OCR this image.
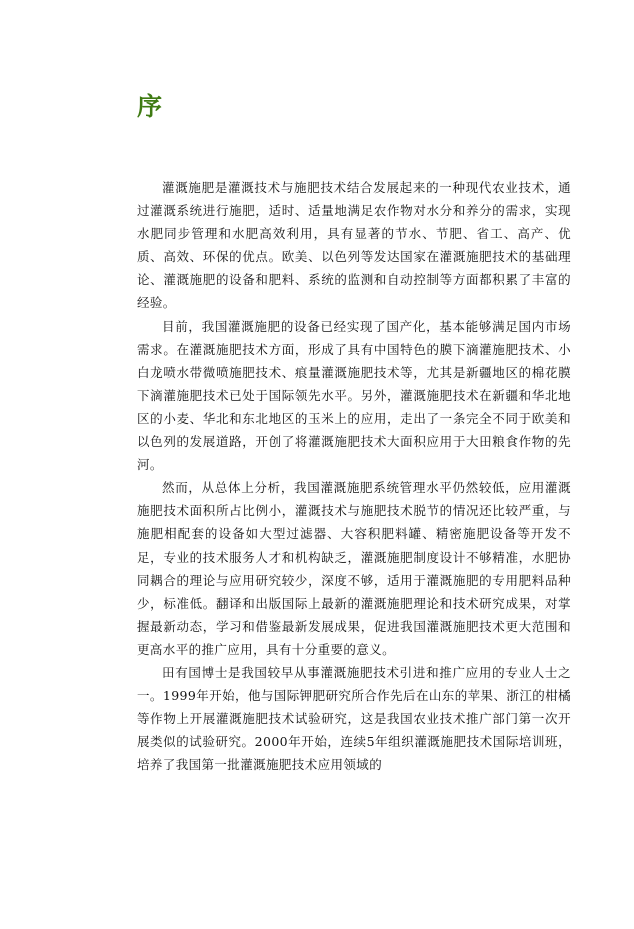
序

灌溉施肥是灌溉技术与施肥技术结合发展起来的一种现代农业技术，通过灌溉系统进行施肥，适时、适量地满足农作物对水分和养分的需求，实现水肥同步管理和水肥高效利用，具有显著的节水、节肥、省工、高产、优质、高效、环保的优点。欧美、以色列等发达国家在灌溉施肥技术的基础理论、灌溉施肥的设备和肥料、系统的监测和自动控制等方面都积累了丰富的经验。

目前，我国灌溉施肥的设备已经实现了国产化，基本能够满足国内市场需求。在灌溉施肥技术方面，形成了具有中国特色的膜下滴灌施肥技术、小白龙喷水带微喷施肥技术、痕量灌溉施肥技术等，尤其是新疆地区的棉花膜下滴灌施肥技术已处于国际领先水平。另外，灌溉施肥技术在新疆和华北地区的小麦、华北和东北地区的玉米上的应用，走出了一条完全不同于欧美和以色列的发展道路，开创了将灌溉施肥技术大面积应用于大田粮食作物的先河。

然而，从总体上分析，我国灌溉施肥系统管理水平仍然较低，应用灌溉施肥技术面积所占比例小，灌溉技术与施肥技术脱节的情况还比较严重，与施肥相配套的设备如大型过滤器、大容积肥料罐、精密施肥设备等开发不足，专业的技术服务人才和机构缺乏，灌溉施肥制度设计不够精准，水肥协同耦合的理论与应用研究较少，深度不够，适用于灌溉施肥的专用肥料品种少，标准低。翻译和出版国际上最新的灌溉施肥理论和技术研究成果，对掌握最新动态，学习和借鉴最新发展成果，促进我国灌溉施肥技术更大范围和更高水平的推广应用，具有十分重要的意义。

田有国博士是我国较早从事灌溉施肥技术引进和推广应用的专业人士之一。1999年开始，他与国际钾肥研究所合作先后在山东的苹果、浙江的柑橘等作物上开展灌溉施肥技术试验研究，这是我国农业技术推广部门第一次开展类似的试验研究。2000年开始，连续5年组织灌溉施肥技术国际培训班，培养了我国第一批灌溉施肥技术应用领域的
